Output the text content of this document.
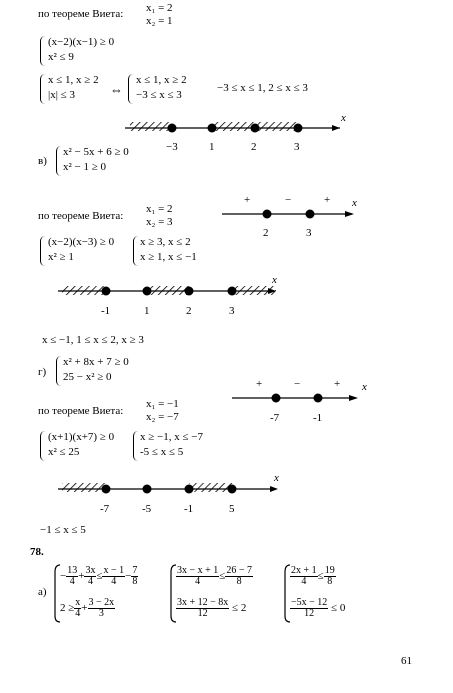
по теореме Виета: x₁ = 2
x₂ = 1
(x−2)(x−1) ≥ 0
x² ≤ 9
x ≤ 1, x ≥ 2
|x| ≤ 3	⇔
x ≤ 1, x ≥ 2
−3 ≤ x ≤ 3
−3 ≤ x ≤ 1, 2 ≤ x ≤ 3
x
−3	1	2	3
в)
x² − 5x + 6 ≥ 0
x² − 1 ≥ 0
по теореме Виета:
x₁ = 2
x₂ = 3
+	−	+ x
2	3
(x−2)(x−3) ≥ 0
x² ≥ 1
x ≥ 3, x ≤ 2
x ≥ 1, x ≤ −1
x
-1	1	2	3
x ≤ −1, 1 ≤ x ≤ 2, x ≥ 3
г)
x² + 8x + 7 ≥ 0
25 − x² ≥ 0
+	−	+ x
по теореме Виета:
x₁ = −1
x₂ = −7	-7	-1
(x+1)(x+7) ≥ 0
x² ≤ 25
x ≥ −1, x ≤ −7
-5 ≤ x ≤ 5
x
-7	-5	-1	5
−1 ≤ x ≤ 5
78.
а)
− $\frac{13}{4} + \frac{3x}{4} \le \frac{x - 1}{4} - \frac{7}{8}$
$2 \ge \frac{x}{4} + \frac{3 - 2x}{3}$
$\frac{3x - x + 1}{4} \le \frac{26 - 7}{8}$
$\frac{3x + 12 - 8x}{12} \le 2$
$\frac{2x + 1}{4} \le \frac{19}{8}$
$\frac{-5x - 12}{12} \le 0$
61
